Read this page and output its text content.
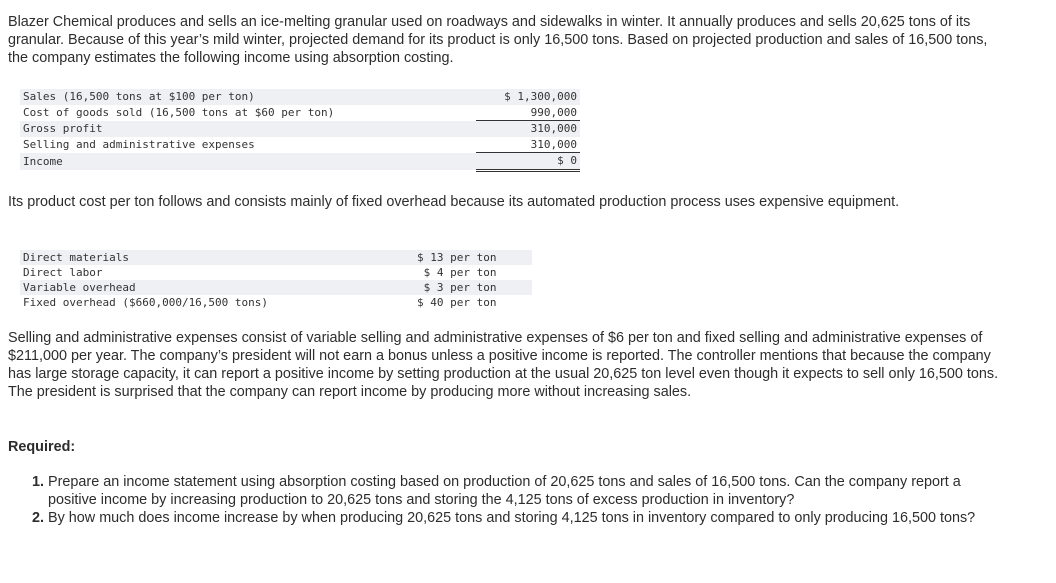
Blazer Chemical produces and sells an ice-melting granular used on roadways and sidewalks in winter. It annually produces and sells 20,625 tons of its granular. Because of this year’s mild winter, projected demand for its product is only 16,500 tons. Based on projected production and sales of 16,500 tons, the company estimates the following income using absorption costing.

Sales (16,500 tons at $100 per ton)	$ 1,300,000
Cost of goods sold (16,500 tons at $60 per ton)	990,000
Gross profit	310,000
Selling and administrative expenses	310,000
Income	$ 0

Its product cost per ton follows and consists mainly of fixed overhead because its automated production process uses expensive equipment.

Direct materials	$ 13 per ton
Direct labor	$ 4 per ton
Variable overhead	$ 3 per ton
Fixed overhead ($660,000/16,500 tons)	$ 40 per ton

Selling and administrative expenses consist of variable selling and administrative expenses of $6 per ton and fixed selling and administrative expenses of $211,000 per year. The company’s president will not earn a bonus unless a positive income is reported. The controller mentions that because the company has large storage capacity, it can report a positive income by setting production at the usual 20,625 ton level even though it expects to sell only 16,500 tons. The president is surprised that the company can report income by producing more without increasing sales.

Required:

1. Prepare an income statement using absorption costing based on production of 20,625 tons and sales of 16,500 tons. Can the company report a positive income by increasing production to 20,625 tons and storing the 4,125 tons of excess production in inventory?
2. By how much does income increase by when producing 20,625 tons and storing 4,125 tons in inventory compared to only producing 16,500 tons?
